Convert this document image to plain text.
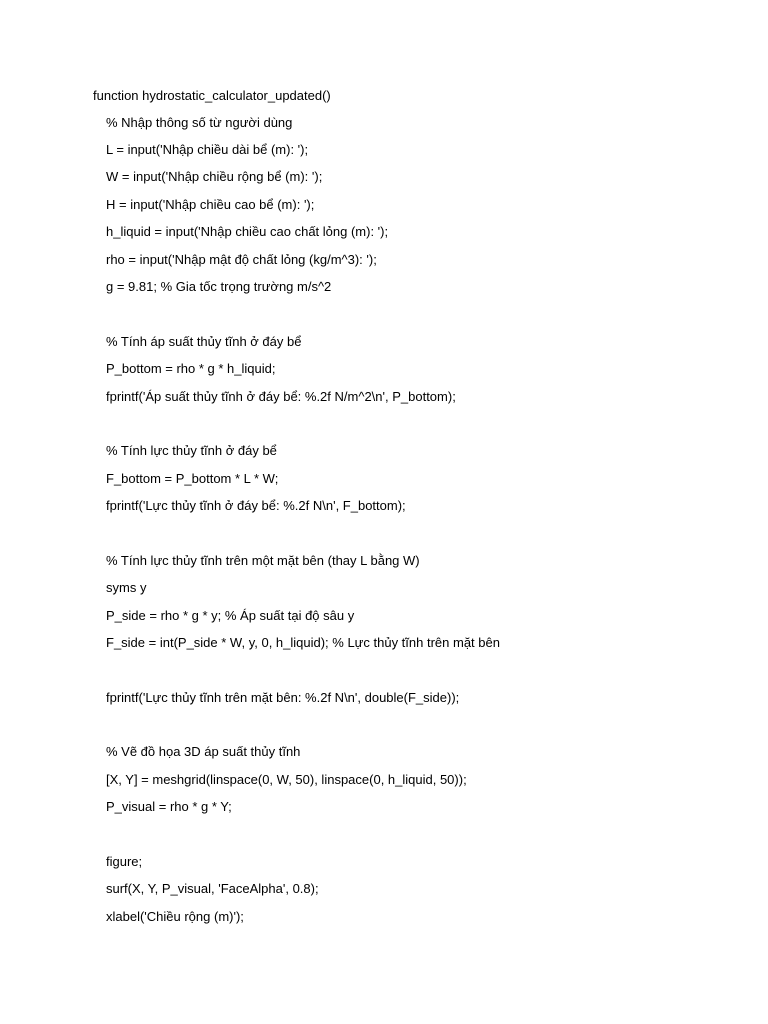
function hydrostatic_calculator_updated()
% Nhập thông số từ người dùng
L = input('Nhập chiều dài bể (m): ');
W = input('Nhập chiều rộng bể (m): ');
H = input('Nhập chiều cao bể (m): ');
h_liquid = input('Nhập chiều cao chất lỏng (m): ');
rho = input('Nhập mật độ chất lỏng (kg/m^3): ');
g = 9.81; % Gia tốc trọng trường m/s^2
% Tính áp suất thủy tĩnh ở đáy bể
P_bottom = rho * g * h_liquid;
fprintf('Áp suất thủy tĩnh ở đáy bể: %.2f N/m^2\n', P_bottom);
% Tính lực thủy tĩnh ở đáy bể
F_bottom = P_bottom * L * W;
fprintf('Lực thủy tĩnh ở đáy bể: %.2f N\n', F_bottom);
% Tính lực thủy tĩnh trên một mặt bên (thay L bằng W)
syms y
P_side = rho * g * y; % Áp suất tại độ sâu y
F_side = int(P_side * W, y, 0, h_liquid); % Lực thủy tĩnh trên mặt bên
fprintf('Lực thủy tĩnh trên mặt bên: %.2f N\n', double(F_side));
% Vẽ đồ họa 3D áp suất thủy tĩnh
[X, Y] = meshgrid(linspace(0, W, 50), linspace(0, h_liquid, 50));
P_visual = rho * g * Y;
figure;
surf(X, Y, P_visual, 'FaceAlpha', 0.8);
xlabel('Chiều rộng (m)');
